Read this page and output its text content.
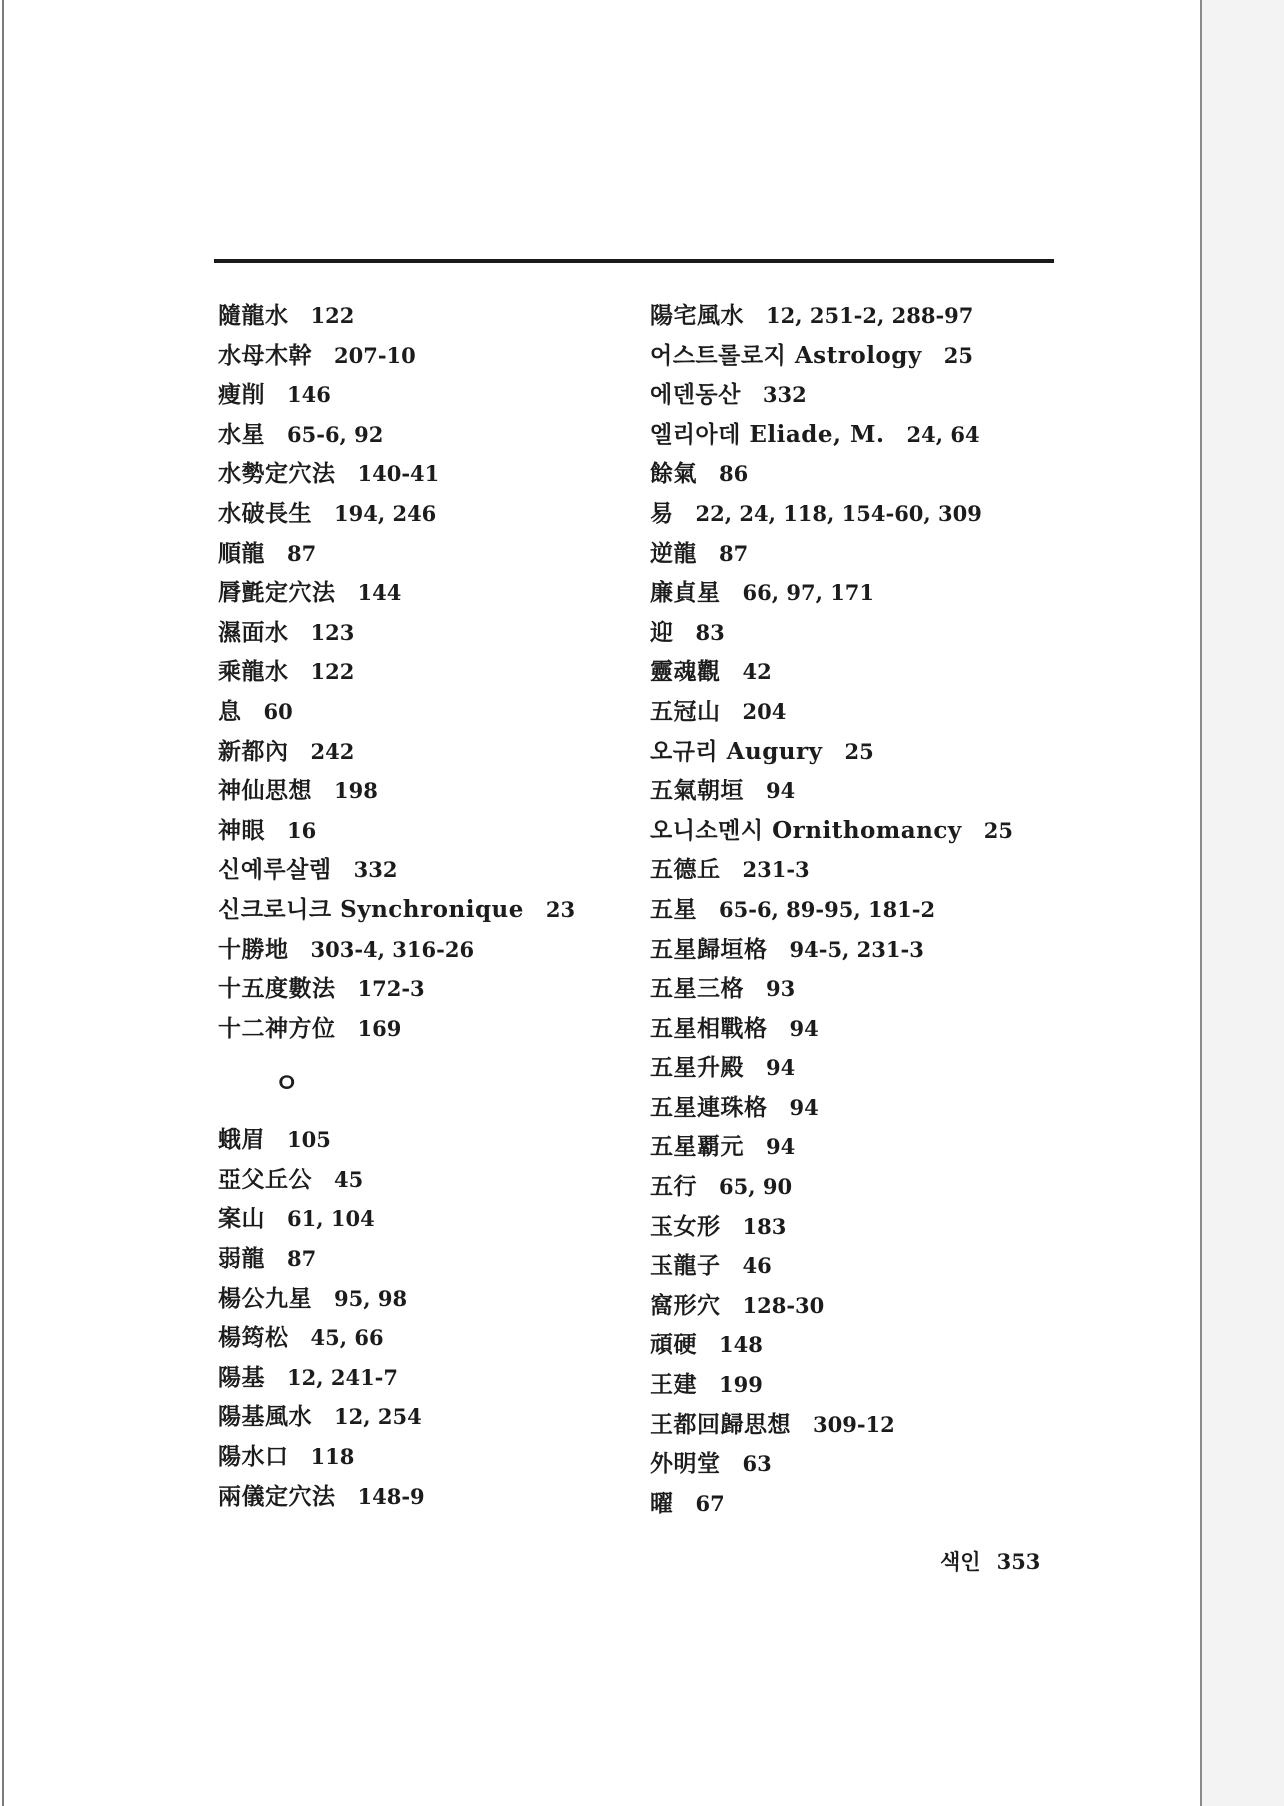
隨龍水 122
水母木幹 207-10
瘦削 146
水星 65-6, 92
水勢定穴法 140-41
水破長生 194, 246
順龍 87
脣氈定穴法 144
濕面水 123
乘龍水 122
息 60
新都內 242
神仙思想 198
神眼 16
신예루살렘 332
신크로니크 Synchronique 23
十勝地 303-4, 316-26
十五度數法 172-3
十二神方位 169
ㅇ
蛾眉 105
亞父丘公 45
案山 61, 104
弱龍 87
楊公九星 95, 98
楊筠松 45, 66
陽基 12, 241-7
陽基風水 12, 254
陽水口 118
兩儀定穴法 148-9
陽宅風水 12, 251-2, 288-97
어스트롤로지 Astrology 25
에덴동산 332
엘리아데 Eliade, M. 24, 64
餘氣 86
易 22, 24, 118, 154-60, 309
逆龍 87
廉貞星 66, 97, 171
迎 83
靈魂觀 42
五冠山 204
오규리 Augury 25
五氣朝垣 94
오니소멘시 Ornithomancy 25
五德丘 231-3
五星 65-6, 89-95, 181-2
五星歸垣格 94-5, 231-3
五星三格 93
五星相戰格 94
五星升殿 94
五星連珠格 94
五星覇元 94
五行 65, 90
玉女形 183
玉龍子 46
窩形穴 128-30
頑硬 148
王建 199
王都回歸思想 309-12
外明堂 63
曜 67
색인 353
